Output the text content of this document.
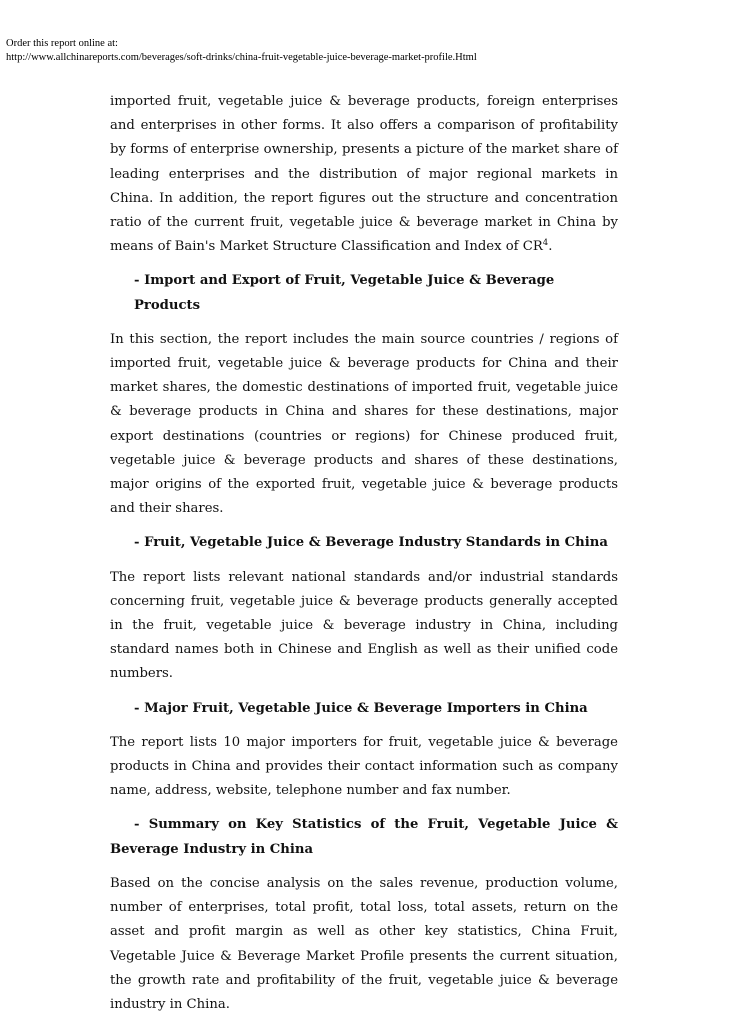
Order this report online at:
http://www.allchinareports.com/beverages/soft-drinks/china-fruit-vegetable-juice-beverage-market-profile.Html

imported fruit, vegetable juice & beverage products, foreign enterprises and enterprises in other forms. It also offers a comparison of profitability by forms of enterprise ownership, presents a picture of the market share of leading enterprises and the distribution of major regional markets in China. In addition, the report figures out the structure and concentration ratio of the current fruit, vegetable juice & beverage market in China by means of Bain's Market Structure Classification and Index of $CR^4$.

- Import and Export of Fruit, Vegetable Juice & Beverage Products

In this section, the report includes the main source countries / regions of imported fruit, vegetable juice & beverage products for China and their market shares, the domestic destinations of imported fruit, vegetable juice & beverage products in China and shares for these destinations, major export destinations (countries or regions) for Chinese produced fruit, vegetable juice & beverage products and shares of these destinations, major origins of the exported fruit, vegetable juice & beverage products and their shares.

- Fruit, Vegetable Juice & Beverage Industry Standards in China

The report lists relevant national standards and/or industrial standards concerning fruit, vegetable juice & beverage products generally accepted in the fruit, vegetable juice & beverage industry in China, including standard names both in Chinese and English as well as their unified code numbers.

- Major Fruit, Vegetable Juice & Beverage Importers in China

The report lists 10 major importers for fruit, vegetable juice & beverage products in China and provides their contact information such as company name, address, website, telephone number and fax number.

- Summary on Key Statistics of the Fruit, Vegetable Juice & Beverage Industry in China

Based on the concise analysis on the sales revenue, production volume, number of enterprises, total profit, total loss, total assets, return on the asset and profit margin as well as other key statistics, China Fruit, Vegetable Juice & Beverage Market Profile presents the current situation, the growth rate and profitability of the fruit, vegetable juice & beverage industry in China.
